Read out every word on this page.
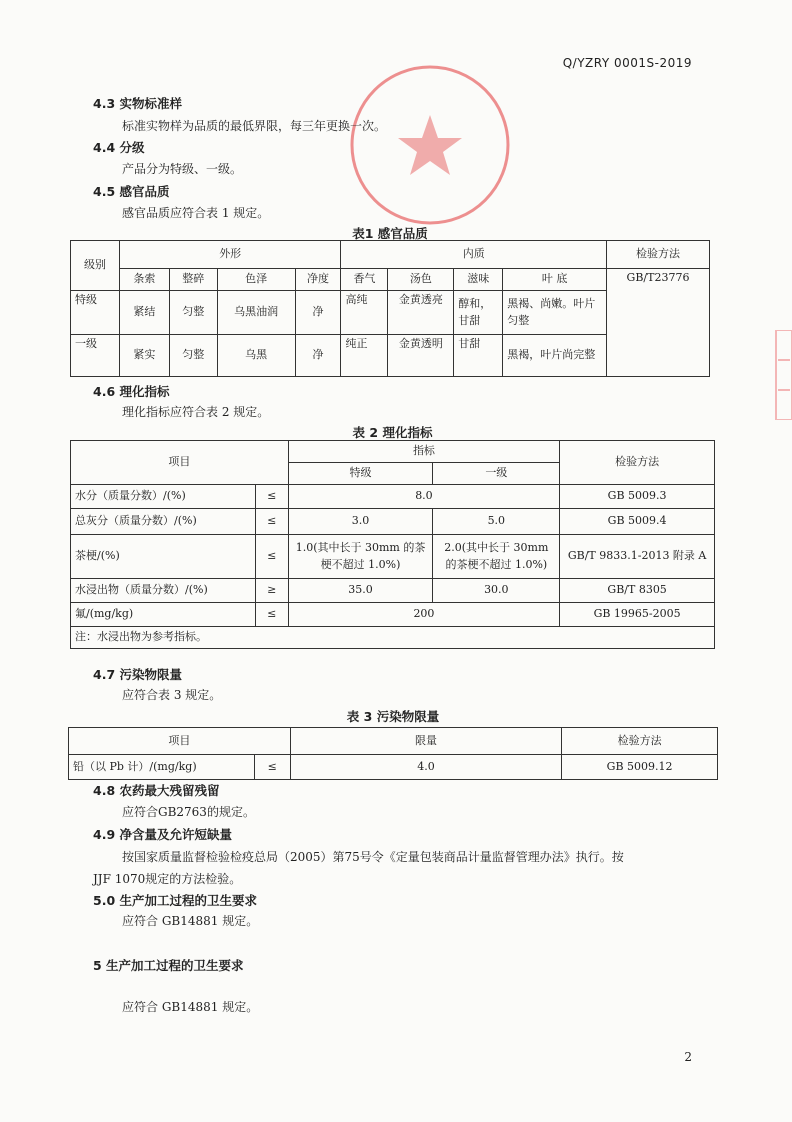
Q/YZRY 0001S-2019
4.3 实物标准样
标准实物样为品质的最低界限，每三年更换一次。
4.4 分级
产品分为特级、一级。
4.5 感官品质
感官品质应符合表 1 规定。
表1 感官品质
级别	外形				内质				检验方法
	条索	整碎	色泽	净度	香气	汤色	滋味	叶 底	GB/T23776
特级	紧结	匀整	乌黑油润	净	高纯	金黄透亮	醇和，甘甜	黑褐、尚嫩。叶片匀整	
一级	紧实	匀整	乌黑	净	纯正	金黄透明	甘甜	黑褐，叶片尚完整	
4.6 理化指标
理化指标应符合表 2 规定。
表 2 理化指标
项目		指标		检验方法
		特级	一级	
水分（质量分数）/(%)	≤	8.0		GB 5009.3
总灰分（质量分数）/(%)	≤	3.0	5.0	GB 5009.4
茶梗/(%)	≤	1.0(其中长于 30mm 的茶梗不超过 1.0%)	2.0(其中长于 30mm 的茶梗不超过 1.0%)	GB/T 9833.1-2013 附录 A
水浸出物（质量分数）/(%)	≥	35.0	30.0	GB/T 8305
氟/(mg/kg)	≤	200		GB 19965-2005
注：水浸出物为参考指标。				
4.7 污染物限量
应符合表 3 规定。
表 3 污染物限量
项目		限量	检验方法
铅（以 Pb 计）/(mg/kg)	≤	4.0	GB 5009.12
4.8 农药最大残留残留
应符合GB2763的规定。
4.9 净含量及允许短缺量
按国家质量监督检验检疫总局（2005）第75号令《定量包装商品计量监督管理办法》执行。按
JJF 1070规定的方法检验。
5.0 生产加工过程的卫生要求
应符合 GB14881 规定。
5 生产加工过程的卫生要求
应符合 GB14881 规定。
2
